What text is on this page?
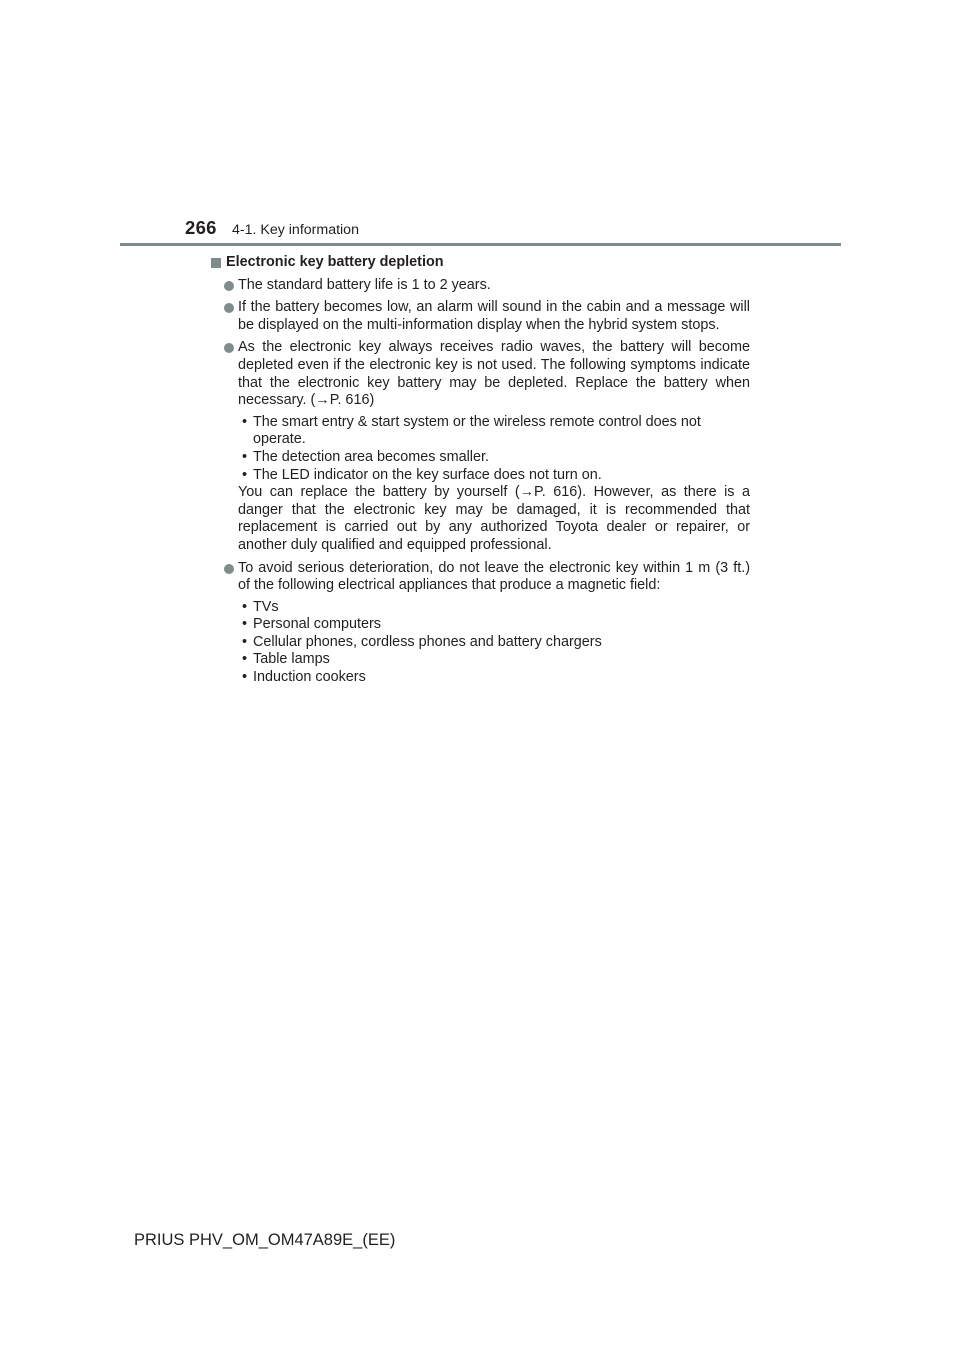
266 4-1. Key information
Electronic key battery depletion
The standard battery life is 1 to 2 years.
If the battery becomes low, an alarm will sound in the cabin and a message will be displayed on the multi-information display when the hybrid system stops.
As the electronic key always receives radio waves, the battery will become depleted even if the electronic key is not used. The following symptoms indicate that the electronic key battery may be depleted. Replace the battery when necessary. (→P. 616)
• The smart entry & start system or the wireless remote control does not operate.
• The detection area becomes smaller.
• The LED indicator on the key surface does not turn on.

You can replace the battery by yourself (→P. 616). However, as there is a danger that the electronic key may be damaged, it is recommended that replacement is carried out by any authorized Toyota dealer or repairer, or another duly qualified and equipped professional.

To avoid serious deterioration, do not leave the electronic key within 1 m (3 ft.) of the following electrical appliances that produce a magnetic field:
• TVs
• Personal computers
• Cellular phones, cordless phones and battery chargers
• Table lamps
• Induction cookers
PRIUS PHV_OM_OM47A89E_(EE)
